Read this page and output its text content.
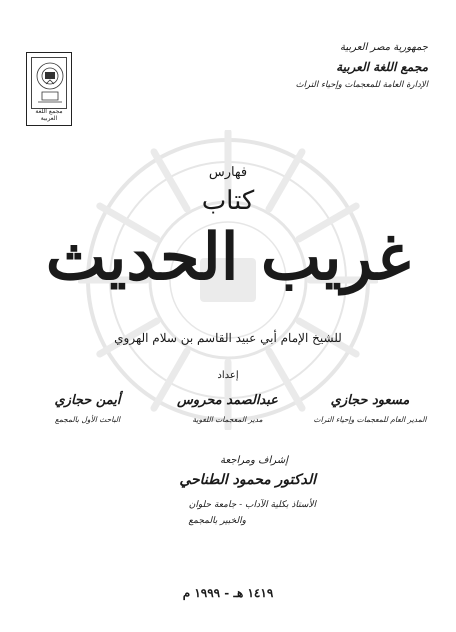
جمهورية مصر العربية
مجمع اللغة العربية
الإدارة العامة للمعجمات وإحياء التراث
مجمع اللغة العربية
فهارس
كتاب
غريب الحديث
للشيخ الإمام أبي عبيد القاسم بن سلام الهروي
إعداد
مسعود حجازي
المدير العام للمعجمات وإحياء التراث
عبدالصمد محروس
مدير المعجمات اللغوية
أيمن حجازي
الباحث الأول بالمجمع
إشراف ومراجعة
الدكتور محمود الطناحي
الأستاذ بكلية الآداب - جامعة حلوان
والخبير بالمجمع
١٤١٩ هـ - ١٩٩٩ م
